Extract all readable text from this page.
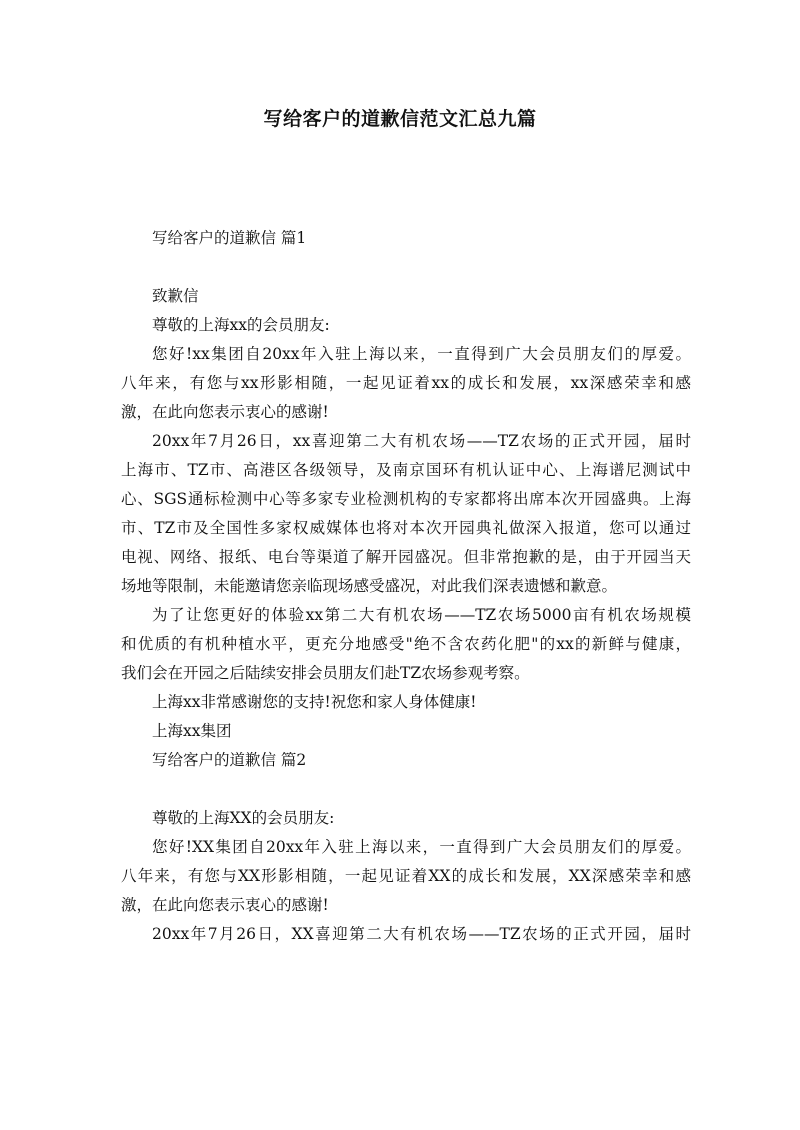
写给客户的道歉信范文汇总九篇
写给客户的道歉信 篇1
致歉信
尊敬的上海xx的会员朋友:
您好!xx集团自20xx年入驻上海以来，一直得到广大会员朋友们的厚爱。
八年来，有您与xx形影相随，一起见证着xx的成长和发展，xx深感荣幸和感
激，在此向您表示衷心的感谢!
20xx年7月26日，xx喜迎第二大有机农场——TZ农场的正式开园，届时
上海市、TZ市、高港区各级领导，及南京国环有机认证中心、上海谱尼测试中
心、SGS通标检测中心等多家专业检测机构的专家都将出席本次开园盛典。上海
市、TZ市及全国性多家权威媒体也将对本次开园典礼做深入报道，您可以通过
电视、网络、报纸、电台等渠道了解开园盛况。但非常抱歉的是，由于开园当天
场地等限制，未能邀请您亲临现场感受盛况，对此我们深表遗憾和歉意。
为了让您更好的体验xx第二大有机农场——TZ农场5000亩有机农场规模
和优质的有机种植水平，更充分地感受"绝不含农药化肥"的xx的新鲜与健康，
我们会在开园之后陆续安排会员朋友们赴TZ农场参观考察。
上海xx非常感谢您的支持!祝您和家人身体健康!
上海xx集团
写给客户的道歉信 篇2
尊敬的上海XX的会员朋友:
您好!XX集团自20xx年入驻上海以来，一直得到广大会员朋友们的厚爱。
八年来，有您与XX形影相随，一起见证着XX的成长和发展，XX深感荣幸和感
激，在此向您表示衷心的感谢!
20xx年7月26日，XX喜迎第二大有机农场——TZ农场的正式开园，届时
